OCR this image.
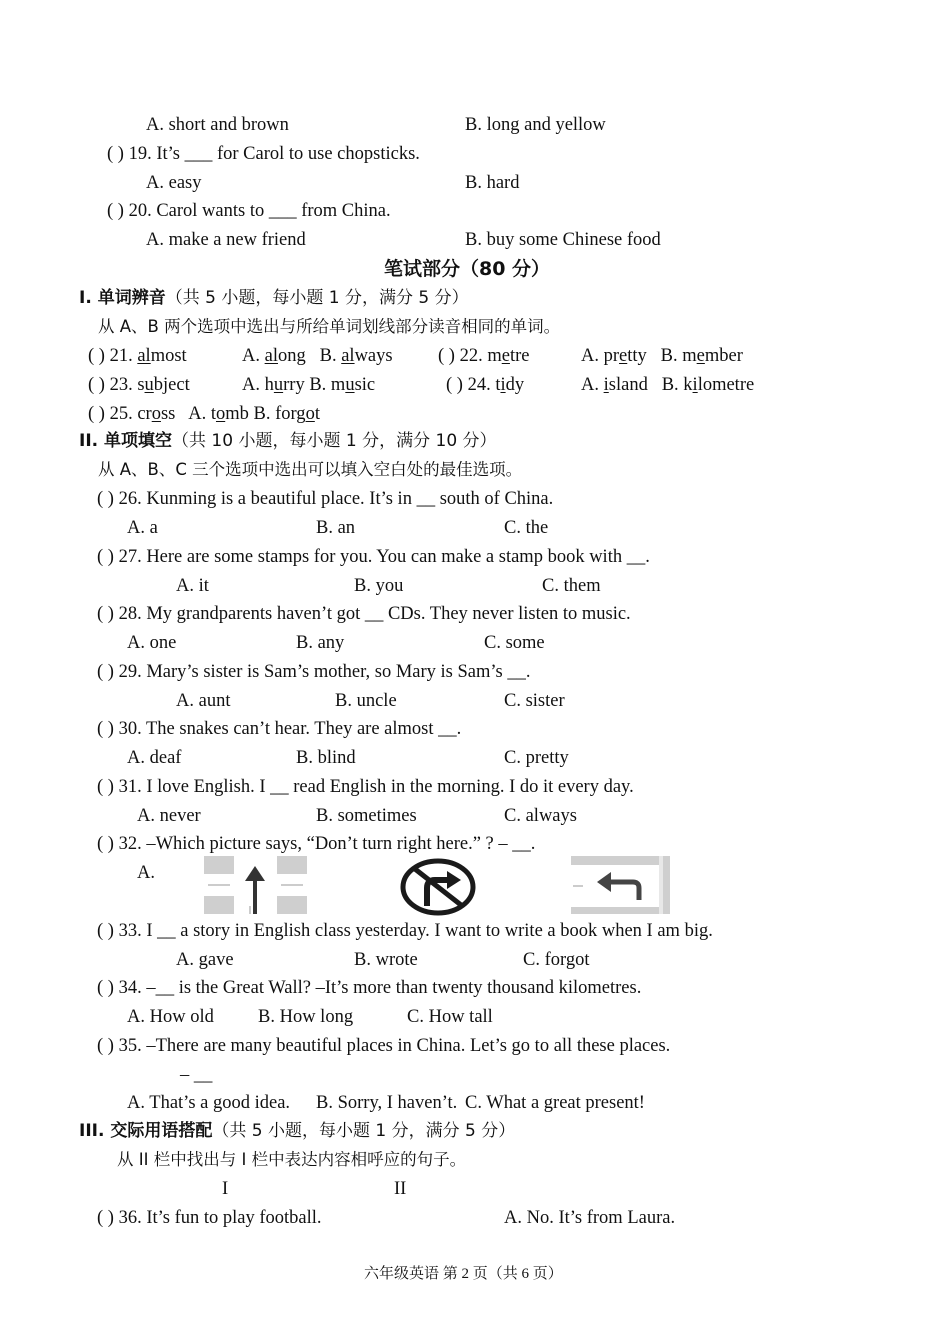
A. short and brown	B. long and yellow
( ) 19. It’s ___ for Carol to use chopsticks.
A. easy	B. hard
( ) 20. Carol wants to ___ from China.
A. make a new friend	B. buy some Chinese food
笔试部分（80 分）
I. 单词辨音（共 5 小题，每小题 1 分，满分 5 分）
从 A、B 两个选项中选出与所给单词划线部分读音相同的单词。
( ) 21. almost	A. along B. always ( ) 22. metre	A. pretty B. member
( ) 23. subject	A. hurry B. music	( ) 24. tidy	A. island B. kilometre
( ) 25. cross A. tomb B. forgot
II. 单项填空（共 10 小题，每小题 1 分，满分 10 分）
从 A、B、C 三个选项中选出可以填入空白处的最佳选项。
( ) 26. Kunming is a beautiful place. It’s in __ south of China.
A. a	B. an	C. the
( ) 27. Here are some stamps for you. You can make a stamp book with __.
A. it	B. you	C. them
( ) 28. My grandparents haven’t got __ CDs. They never listen to music.
A. one	B. any	C. some
( ) 29. Mary’s sister is Sam’s mother, so Mary is Sam’s __.
A. aunt	B. uncle	C. sister
( ) 30. The snakes can’t hear. They are almost __.
A. deaf	B. blind	C. pretty
( ) 31. I love English. I __ read English in the morning. I do it every day.
A. never	B. sometimes	C. always
( ) 32. –Which picture says, “Don’t turn right here.” ? – __.
A.
( ) 33. I __ a story in English class yesterday. I want to write a book when I am big.
A. gave	B. wrote	C. forgot
( ) 34. –__ is the Great Wall? –It’s more than twenty thousand kilometres.
A. How old B. How long	C. How tall
( ) 35. –There are many beautiful places in China. Let’s go to all these places.
– __
A. That’s a good idea. B. Sorry, I haven’t. C. What a great present!
III. 交际用语搭配（共 5 小题，每小题 1 分，满分 5 分）
从 II 栏中找出与 I 栏中表达内容相呼应的句子。
I	II
( ) 36. It’s fun to play football.	A. No. It’s from Laura.
六年级英语 第 2 页（共 6 页）
